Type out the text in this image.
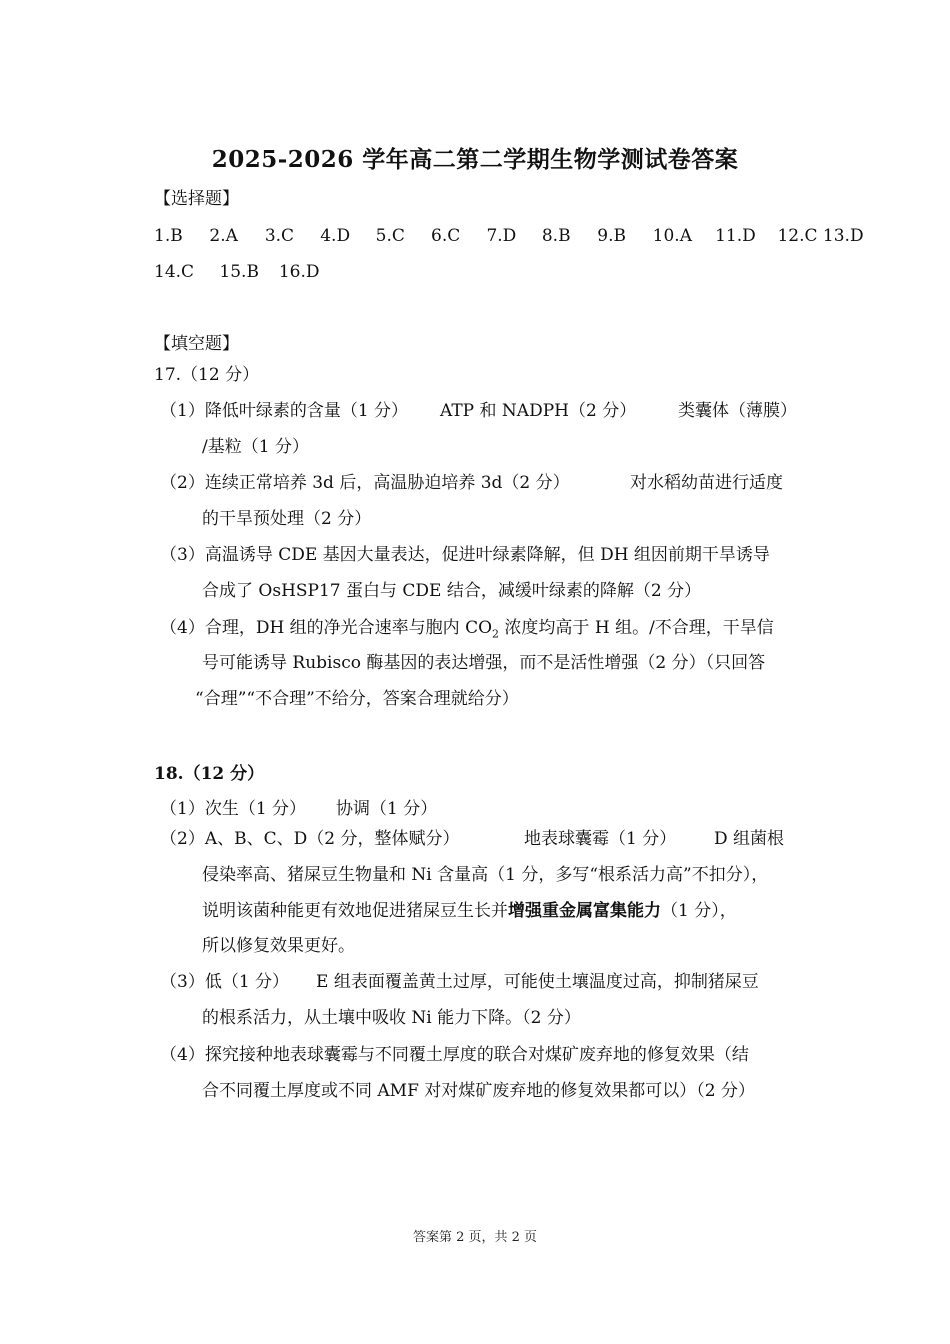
2025-2026 学年高二第二学期生物学测试卷答案
【选择题】
1.B 2.A 3.C 4.D 5.C 6.C 7.D 8.B 9.B 10.A 11.D 12.C 13.D
14.C 15.B 16.D
【填空题】
17.（12 分）
（1）降低叶绿素的含量（1 分） ATP 和 NADPH（2 分） 类囊体（薄膜）
/基粒（1 分）
（2）连续正常培养 3d 后，高温胁迫培养 3d（2 分）	对水稻幼苗进行适度
的干旱预处理（2 分）
（3）高温诱导 CDE 基因大量表达，促进叶绿素降解，但 DH 组因前期干旱诱导
合成了 OsHSP17 蛋白与 CDE 结合，减缓叶绿素的降解（2 分）
（4）合理，DH 组的净光合速率与胞内 $CO_2$ 浓度均高于 H 组。/不合理，干旱信
号可能诱导 Rubisco 酶基因的表达增强，而不是活性增强（2 分）（只回答
“合理”“不合理”不给分，答案合理就给分）
18.（12 分）
（1）次生（1 分） 协调（1 分）
（2）A、B、C、D（2 分，整体赋分）	地表球囊霉（1 分） D 组菌根
侵染率高、猪屎豆生物量和 Ni 含量高（1 分，多写“根系活力高”不扣分），
说明该菌种能更有效地促进猪屎豆生长并增强重金属富集能力（1 分），
所以修复效果更好。
（3）低（1 分） E 组表面覆盖黄土过厚，可能使土壤温度过高，抑制猪屎豆
的根系活力，从土壤中吸收 Ni 能力下降。（2 分）
（4）探究接种地表球囊霉与不同覆土厚度的联合对煤矿废弃地的修复效果（结
合不同覆土厚度或不同 AMF 对对煤矿废弃地的修复效果都可以）（2 分）
答案第 2 页，共 2 页
